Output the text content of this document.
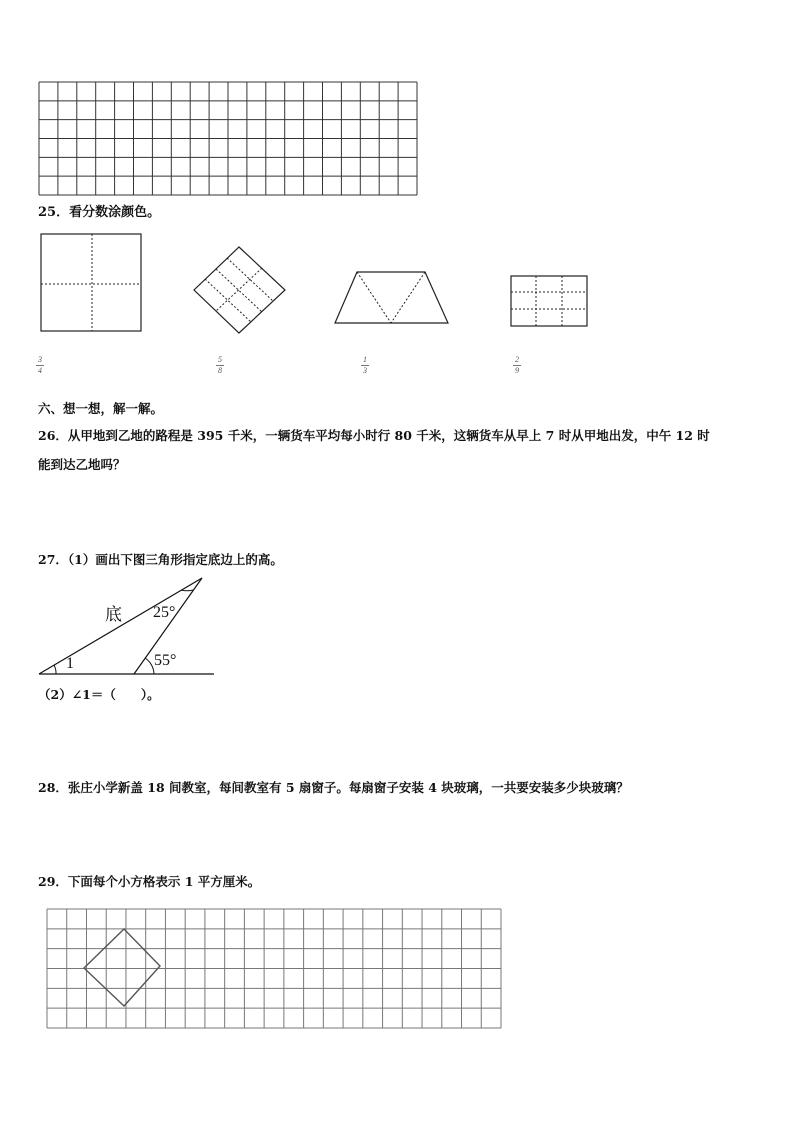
25．看分数涂颜色。
3
4
5
8
1
3
2
9
六、想一想，解一解。
26．从甲地到乙地的路程是 395 千米，一辆货车平均每小时行 80 千米，这辆货车从早上 7 时从甲地出发，中午 12 时
能到达乙地吗？
27．（1）画出下图三角形指定底边上的高。
底 25°
55°
1
（2）∠1＝（　　）。
28．张庄小学新盖 18 间教室，每间教室有 5 扇窗子。每扇窗子安装 4 块玻璃，一共要安装多少块玻璃？
29．下面每个小方格表示 1 平方厘米。
